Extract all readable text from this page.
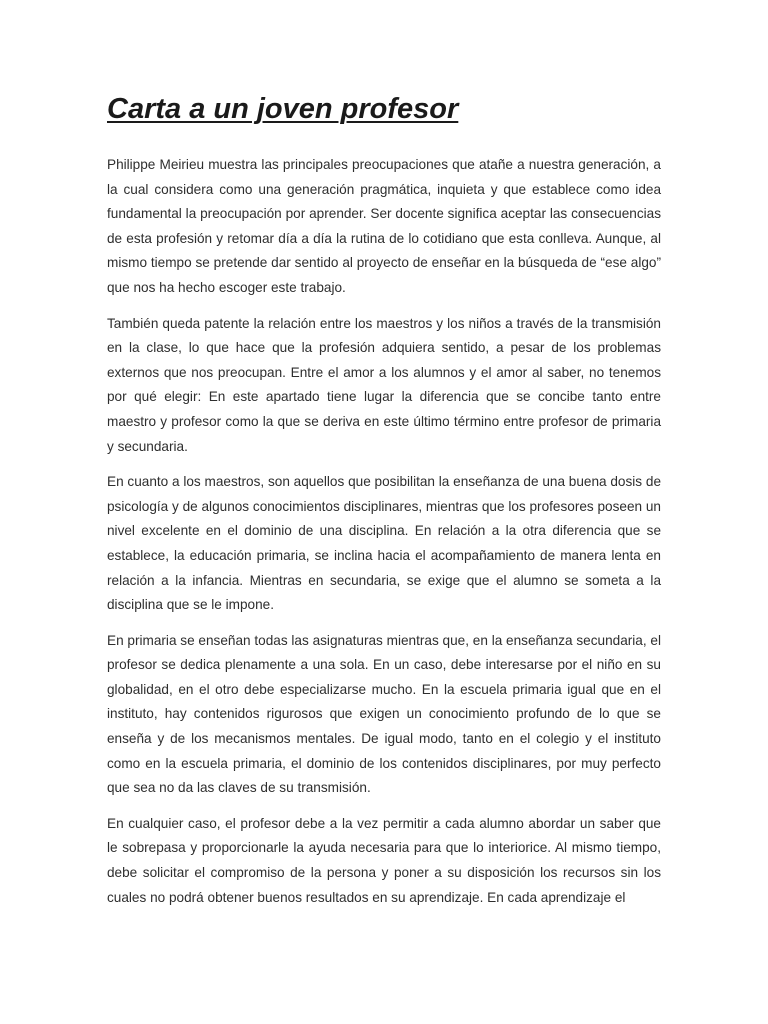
Carta a un joven profesor

Philippe Meirieu muestra las principales preocupaciones que atañe a nuestra generación, a la cual considera como una generación pragmática, inquieta y que establece como idea fundamental la preocupación por aprender. Ser docente significa aceptar las consecuencias de esta profesión y retomar día a día la rutina de lo cotidiano que esta conlleva. Aunque, al mismo tiempo se pretende dar sentido al proyecto de enseñar en la búsqueda de “ese algo” que nos ha hecho escoger este trabajo.

También queda patente la relación entre los maestros y los niños a través de la transmisión en la clase, lo que hace que la profesión adquiera sentido, a pesar de los problemas externos que nos preocupan. Entre el amor a los alumnos y el amor al saber, no tenemos por qué elegir: En este apartado tiene lugar la diferencia que se concibe tanto entre maestro y profesor como la que se deriva en este último término entre profesor de primaria y secundaria.

En cuanto a los maestros, son aquellos que posibilitan la enseñanza de una buena dosis de psicología y de algunos conocimientos disciplinares, mientras que los profesores poseen un nivel excelente en el dominio de una disciplina. En relación a la otra diferencia que se establece, la educación primaria, se inclina hacia el acompañamiento de manera lenta en relación a la infancia. Mientras en secundaria, se exige que el alumno se someta a la disciplina que se le impone.

En primaria se enseñan todas las asignaturas mientras que, en la enseñanza secundaria, el profesor se dedica plenamente a una sola. En un caso, debe interesarse por el niño en su globalidad, en el otro debe especializarse mucho. En la escuela primaria igual que en el instituto, hay contenidos rigurosos que exigen un conocimiento profundo de lo que se enseña y de los mecanismos mentales. De igual modo, tanto en el colegio y el instituto como en la escuela primaria, el dominio de los contenidos disciplinares, por muy perfecto que sea no da las claves de su transmisión.

En cualquier caso, el profesor debe a la vez permitir a cada alumno abordar un saber que le sobrepasa y proporcionarle la ayuda necesaria para que lo interiorice. Al mismo tiempo, debe solicitar el compromiso de la persona y poner a su disposición los recursos sin los cuales no podrá obtener buenos resultados en su aprendizaje. En cada aprendizaje el
